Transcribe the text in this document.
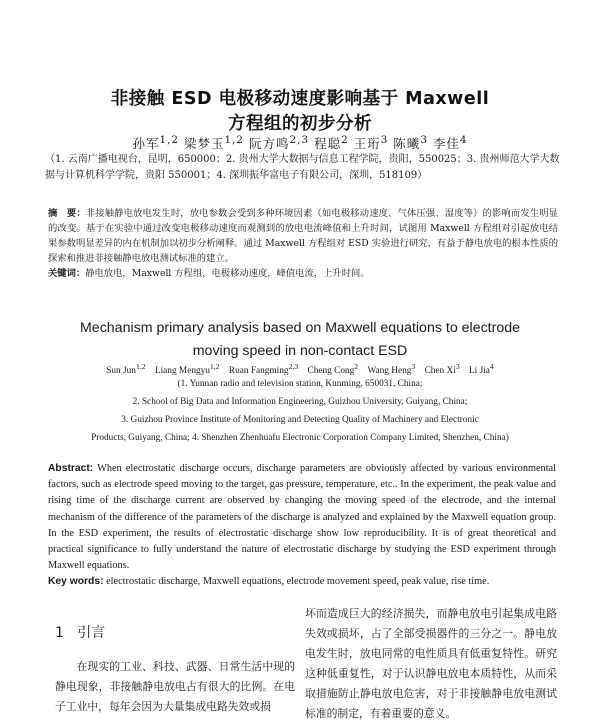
非接触 ESD 电极移动速度影响基于 Maxwell
方程组的初步分析
孙军$^{1,2}$ 梁梦玉$^{1,2}$ 阮方鸣$^{2,3}$ 程聪$^2$ 王珩$^3$ 陈曦$^3$ 李佳$^4$
（1. 云南广播电视台，昆明，650000；2. 贵州大学大数据与信息工程学院，贵阳，550025；3. 贵州师范大学大数据与计算机科学学院，贵阳 550001；4. 深圳振华富电子有限公司，深圳，518109）

摘　要：非接触静电放电发生时，放电参数会受到多种环境因素（如电极移动速度、气体压强、湿度等）的影响而发生明显的改变。基于在实验中通过改变电极移动速度而观测到的放电电流峰值和上升时间，试图用 Maxwell 方程组对引起放电结果参数明显差异的内在机制加以初步分析阐释。通过 Maxwell 方程组对 ESD 实验进行研究，有益于静电放电的根本性质的探索和推进非接触静电放电测试标准的建立。

关键词：静电放电，Maxwell 方程组，电极移动速度，峰值电流，上升时间。

Mechanism primary analysis based on Maxwell equations to electrode
moving speed in non-contact ESD
Sun Jun$^{1,2}$　Liang Mengyu$^{1,2}$　Ruan Fangming$^{2,3}$　Cheng Cong$^2$　Wang Heng$^3$　Chen Xi$^3$　Li Jia$^4$
(1. Yunnan radio and television station, Kunming, 650031, China;
2. School of Big Data and Information Engineering, Guizhou University, Guiyang, China;
3. Guizhou Province Institute of Monitoring and Detecting Quality of Machinery and Electronic
Products, Guiyang, China; 4. Shenzhen Zhenhuafu Electronic Corporation Company Limited, Shenzhen, China)

Abstract: When electrostatic discharge occurs, discharge parameters are obviously affected by various environmental factors, such as electrode speed moving to the target, gas pressure, temperature, etc.. In the experiment, the peak value and rising time of the discharge current are observed by changing the moving speed of the electrode, and the internal mechanism of the difference of the parameters of the discharge is analyzed and explained by the Maxwell equation group. In the ESD experiment, the results of electrostatic discharge show low reproducibility. It is of great theoretical and practical significance to fully understand the nature of electrostatic discharge by studying the ESD experiment through Maxwell equations.

Key words: electrostatic discharge, Maxwell equations, electrode movement speed, peak value, rise time.

1 引言
在现实的工业、科技、武器、日常生活中现的静电现象，非接触静电放电占有很大的比例。在电子工业中，每年会因为大量集成电路失效或损
坏而造成巨大的经济损失，而静电放电引起集成电路失效或损坏，占了全部受损器件的三分之一。静电放电发生时，放电同常的电性质具有低重复特性。研究这种低重复性，对于认识静电放电本质特性，从而采取措施防止静电放电危害，对于非接触静电放电测试标准的制定，有着重要的意义。
